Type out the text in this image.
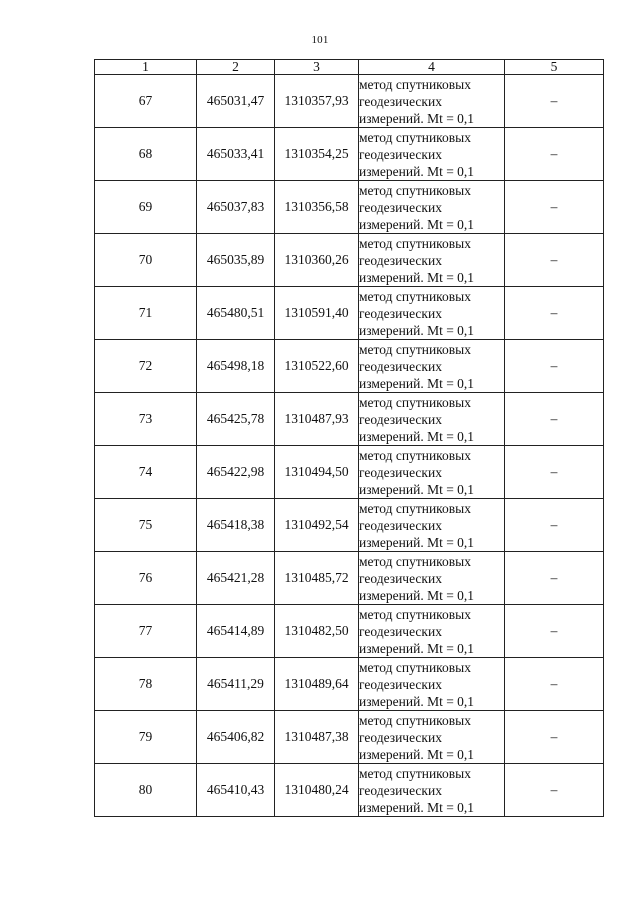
101
1	2	3	4	5
67	465031,47	1310357,93	метод спутниковых
геодезических
измерений. Mt = 0,1	–
68	465033,41	1310354,25	метод спутниковых
геодезических
измерений. Mt = 0,1	–
69	465037,83	1310356,58	метод спутниковых
геодезических
измерений. Mt = 0,1	–
70	465035,89	1310360,26	метод спутниковых
геодезических
измерений. Mt = 0,1	–
71	465480,51	1310591,40	метод спутниковых
геодезических
измерений. Mt = 0,1	–
72	465498,18	1310522,60	метод спутниковых
геодезических
измерений. Mt = 0,1	–
73	465425,78	1310487,93	метод спутниковых
геодезических
измерений. Mt = 0,1	–
74	465422,98	1310494,50	метод спутниковых
геодезических
измерений. Mt = 0,1	–
75	465418,38	1310492,54	метод спутниковых
геодезических
измерений. Mt = 0,1	–
76	465421,28	1310485,72	метод спутниковых
геодезических
измерений. Mt = 0,1	–
77	465414,89	1310482,50	метод спутниковых
геодезических
измерений. Mt = 0,1	–
78	465411,29	1310489,64	метод спутниковых
геодезических
измерений. Mt = 0,1	–
79	465406,82	1310487,38	метод спутниковых
геодезических
измерений. Mt = 0,1	–
80	465410,43	1310480,24	метод спутниковых
геодезических
измерений. Mt = 0,1	–
